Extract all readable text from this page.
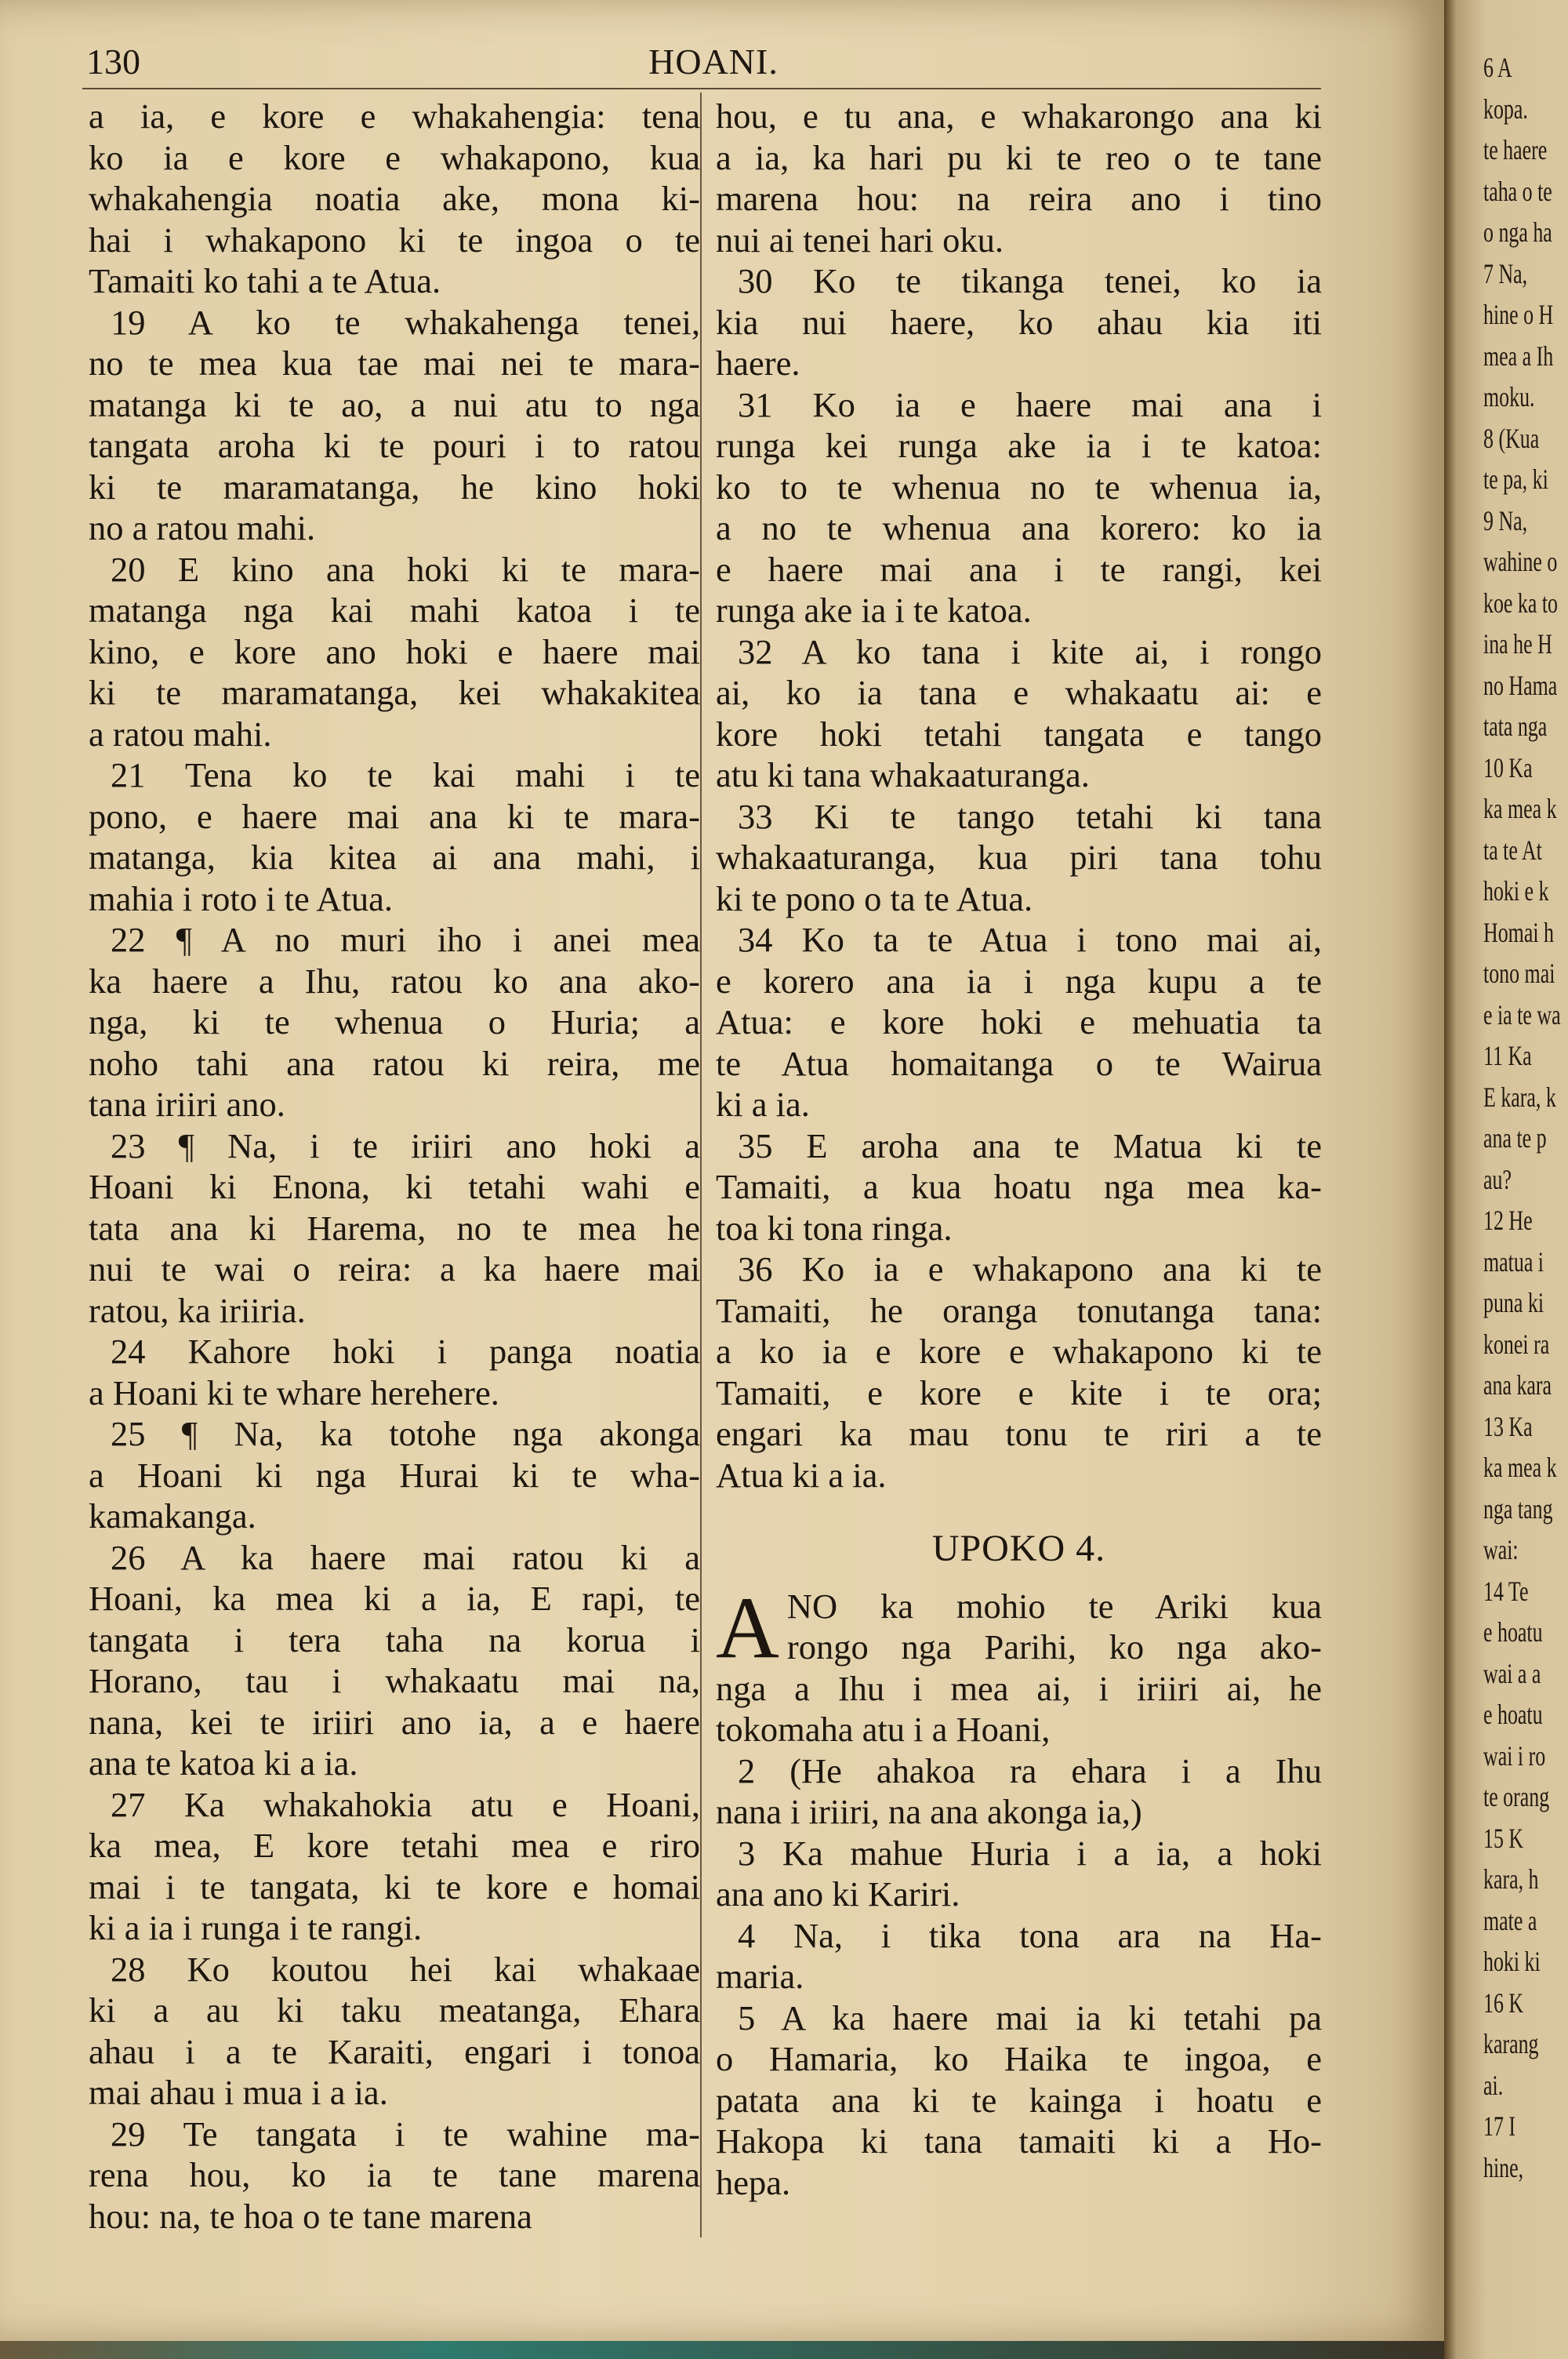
130	HOANI.
a ia, e kore e whakahengia: tena
ko ia e kore e whakapono, kua
whakahengia noatia ake, mona ki-
hai i whakapono ki te ingoa o te
Tamaiti ko tahi a te Atua.
19 A ko te whakahenga tenei,
no te mea kua tae mai nei te mara-
matanga ki te ao, a nui atu to nga
tangata aroha ki te pouri i to ratou
ki te maramatanga, he kino hoki
no a ratou mahi.
20 E kino ana hoki ki te mara-
matanga nga kai mahi katoa i te
kino, e kore ano hoki e haere mai
ki te maramatanga, kei whakakitea
a ratou mahi.
21 Tena ko te kai mahi i te
pono, e haere mai ana ki te mara-
matanga, kia kitea ai ana mahi, i
mahia i roto i te Atua.
22 ¶ A no muri iho i anei mea
ka haere a Ihu, ratou ko ana ako-
nga, ki te whenua o Huria; a
noho tahi ana ratou ki reira, me
tana iriiri ano.
23 ¶ Na, i te iriiri ano hoki a
Hoani ki Enona, ki tetahi wahi e
tata ana ki Harema, no te mea he
nui te wai o reira: a ka haere mai
ratou, ka iriiria.
24 Kahore hoki i panga noatia
a Hoani ki te whare herehere.
25 ¶ Na, ka totohe nga akonga
a Hoani ki nga Hurai ki te wha-
kamakanga.
26 A ka haere mai ratou ki a
Hoani, ka mea ki a ia, E rapi, te
tangata i tera taha na korua i
Horano, tau i whakaatu mai na,
nana, kei te iriiri ano ia, a e haere
ana te katoa ki a ia.
27 Ka whakahokia atu e Hoani,
ka mea, E kore tetahi mea e riro
mai i te tangata, ki te kore e homai
ki a ia i runga i te rangi.
28 Ko koutou hei kai whakaae
ki a au ki taku meatanga, Ehara
ahau i a te Karaiti, engari i tonoa
mai ahau i mua i a ia.
29 Te tangata i te wahine ma-
rena hou, ko ia te tane marena
hou: na, te hoa o te tane marena
hou, e tu ana, e whakarongo ana ki
a ia, ka hari pu ki te reo o te tane
marena hou: na reira ano i tino
nui ai tenei hari oku.
30 Ko te tikanga tenei, ko ia
kia nui haere, ko ahau kia iti
haere.
31 Ko ia e haere mai ana i
runga kei runga ake ia i te katoa:
ko to te whenua no te whenua ia,
a no te whenua ana korero: ko ia
e haere mai ana i te rangi, kei
runga ake ia i te katoa.
32 A ko tana i kite ai, i rongo
ai, ko ia tana e whakaatu ai: e
kore hoki tetahi tangata e tango
atu ki tana whakaaturanga.
33 Ki te tango tetahi ki tana
whakaaturanga, kua piri tana tohu
ki te pono o ta te Atua.
34 Ko ta te Atua i tono mai ai,
e korero ana ia i nga kupu a te
Atua: e kore hoki e mehuatia ta
te Atua homaitanga o te Wairua
ki a ia.
35 E aroha ana te Matua ki te
Tamaiti, a kua hoatu nga mea ka-
toa ki tona ringa.
36 Ko ia e whakapono ana ki te
Tamaiti, he oranga tonutanga tana:
a ko ia e kore e whakapono ki te
Tamaiti, e kore e kite i te ora;
engari ka mau tonu te riri a te
Atua ki a ia.
UPOKO 4.
A NO ka mohio te Ariki kua
rongo nga Parihi, ko nga ako-
nga a Ihu i mea ai, i iriiri ai, he
tokomaha atu i a Hoani,
2 (He ahakoa ra ehara i a Ihu
nana i iriiri, na ana akonga ia,)
3 Ka mahue Huria i a ia, a hoki
ana ano ki Kariri.
4 Na, i tika tona ara na Ha-
maria.
5 A ka haere mai ia ki tetahi pa
o Hamaria, ko Haika te ingoa, e
patata ana ki te kainga i hoatu e
Hakopa ki tana tamaiti ki a Ho-
hepa.
6 A
kopa.
te haere
taha o te
o nga ha
7 Na,
hine o H
mea a Ih
moku.
8 (Kua
te pa, ki
9 Na,
wahine o
koe ka to
ina he H
no Hama
tata nga
10 Ka
ka mea k
ta te At
hoki e k
Homai h
tono mai
e ia te wa
11 Ka
E kara, k
ana te p
au?
12 He
matua i
puna ki
konei ra
ana kara
13 Ka
ka mea k
nga tang
wai:
14 Te
e hoatu
wai a a
e hoatu
wai i ro
te orang
15 K
kara, h
mate a
hoki ki
16 K
karang
ai.
17 I
hine,
